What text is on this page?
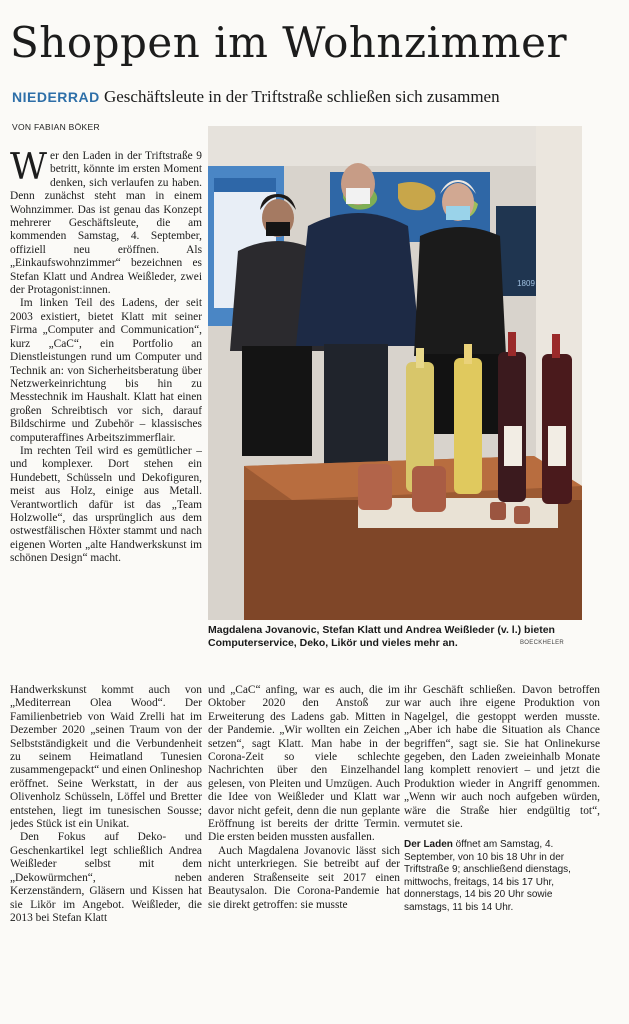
Shoppen im Wohnzimmer
NIEDERRAD Geschäftsleute in der Triftstraße schließen sich zusammen
VON FABIAN BÖKER

Wer den Laden in der Triftstraße 9 betritt, könnte im ersten Moment denken, sich verlaufen zu haben. Denn zunächst steht man in einem Wohnzimmer. Das ist genau das Konzept mehrerer Geschäftsleute, die am kommenden Samstag, 4. September, offiziell neu eröffnen. Als „Einkaufswohnzimmer“ bezeichnen es Stefan Klatt und Andrea Weißleder, zwei der Protagonist:innen.

Im linken Teil des Ladens, der seit 2003 existiert, bietet Klatt mit seiner Firma „Computer and Communication“, kurz „CaC“, ein Portfolio an Dienstleistungen rund um Computer und Technik an: von Sicherheitsberatung über Netzwerkeinrichtung bis hin zu Messtechnik im Haushalt. Klatt hat einen großen Schreibtisch vor sich, darauf Bildschirme und Zubehör – klassisches computeraffines Arbeitszimmerflair.

Im rechten Teil wird es gemütlicher – und komplexer. Dort stehen ein Hundebett, Schüsseln und Dekofiguren, meist aus Holz, einige aus Metall. Verantwortlich dafür ist das „Team Holzwolle“, das ursprünglich aus dem ostwestfälischen Höxter stammt und nach eigenen Worten „alte Handwerkskunst im schönen Design“ macht.

1809
Magdalena Jovanovic, Stefan Klatt und Andrea Weißleder (v. l.) bieten Computerservice, Deko, Likör und vieles mehr an.	BOECKHELER

Handwerkskunst kommt auch von „Mediterrean Olea Wood“. Der Familienbetrieb von Waid Zrelli hat im Dezember 2020 „seinen Traum von der Selbstständigkeit und die Verbundenheit zu seinem Heimatland Tunesien zusammengepackt“ und einen Onlineshop eröffnet. Seine Werkstatt, in der aus Olivenholz Schüsseln, Löffel und Bretter entstehen, liegt im tunesischen Sousse; jedes Stück ist ein Unikat.

Den Fokus auf Deko- und Geschenkartikel legt schließlich Andrea Weißleder selbst mit dem „Dekowürmchen“, neben Kerzenständern, Gläsern und Kissen hat sie Likör im Angebot. Weißleder, die 2013 bei Stefan Klatt

und „CaC“ anfing, war es auch, die im Oktober 2020 den Anstoß zur Erweiterung des Ladens gab. Mitten in der Pandemie. „Wir wollten ein Zeichen setzen“, sagt Klatt. Man habe in der Corona-Zeit so viele schlechte Nachrichten über den Einzelhandel gelesen, von Pleiten und Umzügen. Auch die Idee von Weißleder und Klatt war davor nicht gefeit, denn die nun geplante Eröffnung ist bereits der dritte Termin. Die ersten beiden mussten ausfallen.

Auch Magdalena Jovanovic lässt sich nicht unterkriegen. Sie betreibt auf der anderen Straßenseite seit 2017 einen Beautysalon. Die Corona-Pandemie hat sie direkt getroffen: sie musste

ihr Geschäft schließen. Davon betroffen war auch ihre eigene Produktion von Nagelgel, die gestoppt werden musste. „Aber ich habe die Situation als Chance begriffen“, sagt sie. Sie hat Onlinekurse gegeben, den Laden zweieinhalb Monate lang komplett renoviert – und jetzt die Produktion wieder in Angriff genommen. „Wenn wir auch noch aufgeben würden, wäre die Straße hier endgültig tot“, vermutet sie.

Der Laden öffnet am Samstag, 4. September, von 10 bis 18 Uhr in der Triftstraße 9; anschließend dienstags, mittwochs, freitags, 14 bis 17 Uhr, donnerstags, 14 bis 20 Uhr sowie samstags, 11 bis 14 Uhr.
